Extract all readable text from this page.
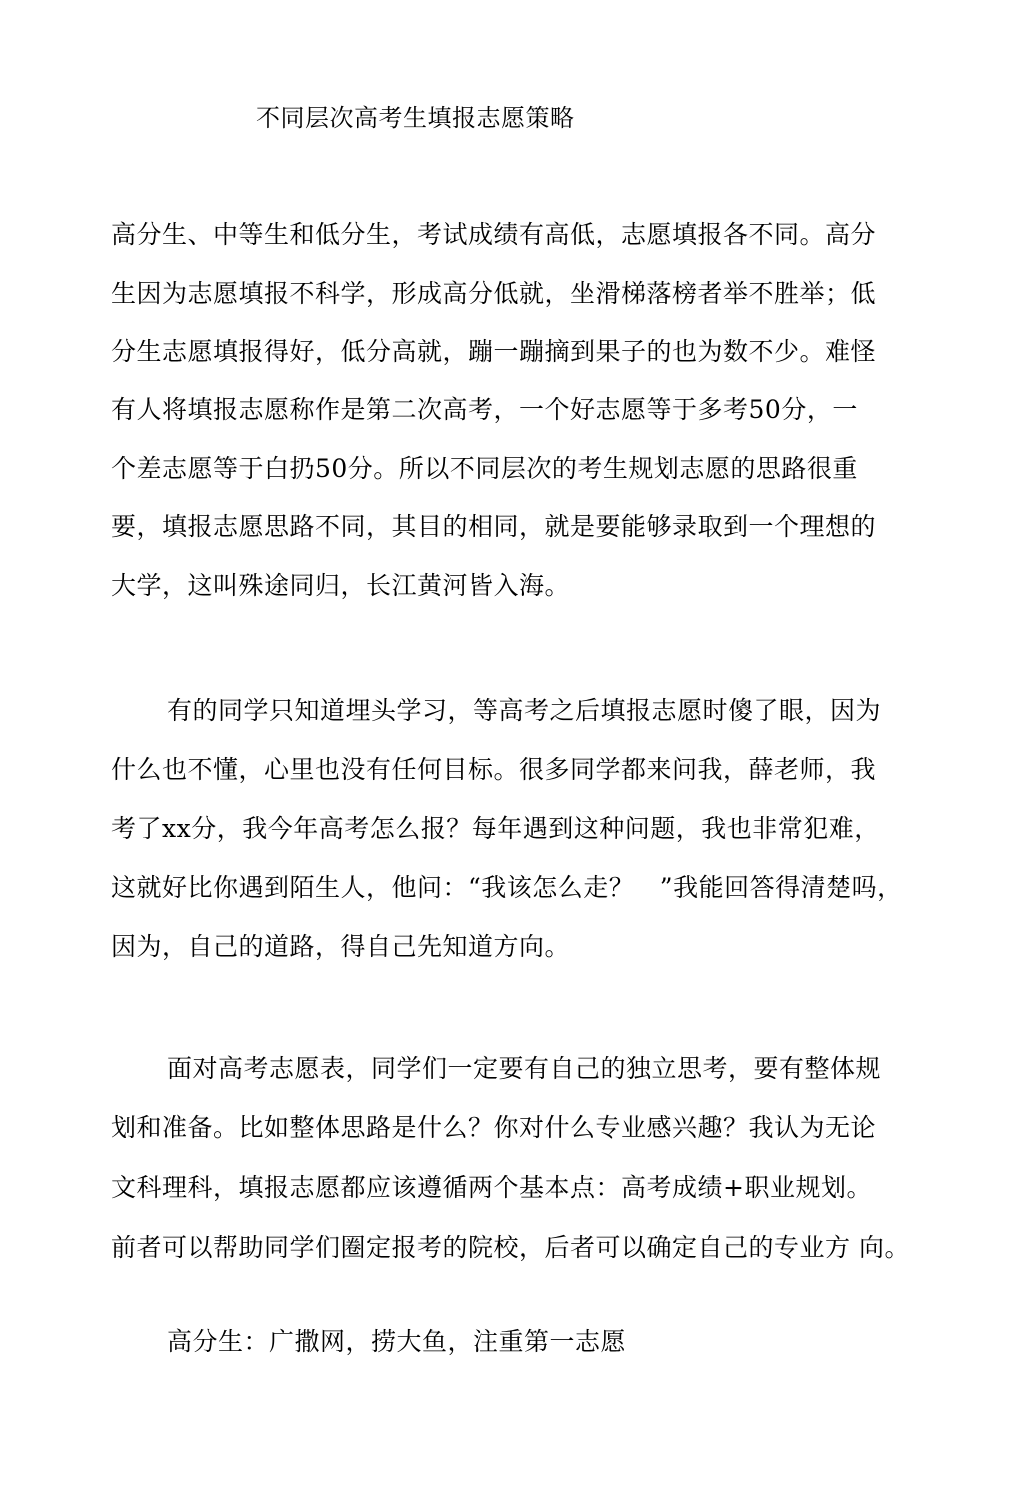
不同层次高考生填报志愿策略
高分生、中等生和低分生，考试成绩有高低，志愿填报各不同。高分
生因为志愿填报不科学，形成高分低就，坐滑梯落榜者举不胜举；低
分生志愿填报得好，低分高就，蹦一蹦摘到果子的也为数不少。难怪
有人将填报志愿称作是第二次高考，一个好志愿等于多考50分，一
个差志愿等于白扔50分。所以不同层次的考生规划志愿的思路很重
要，填报志愿思路不同，其目的相同，就是要能够录取到一个理想的
大学，这叫殊途同归，长江黄河皆入海。
有的同学只知道埋头学习，等高考之后填报志愿时傻了眼，因为
什么也不懂，心里也没有任何目标。很多同学都来问我，薛老师，我
考了xx分，我今年高考怎么报？每年遇到这种问题，我也非常犯难，
这就好比你遇到陌生人，他问：“我该怎么走？　”我能回答得清楚吗，
因为，自己的道路，得自己先知道方向。
面对高考志愿表，同学们一定要有自己的独立思考，要有整体规
划和准备。比如整体思路是什么？你对什么专业感兴趣？我认为无论
文科理科，填报志愿都应该遵循两个基本点：高考成绩+职业规划。
前者可以帮助同学们圈定报考的院校，后者可以确定自己的专业方 向。
高分生：广撒网，捞大鱼，注重第一志愿
